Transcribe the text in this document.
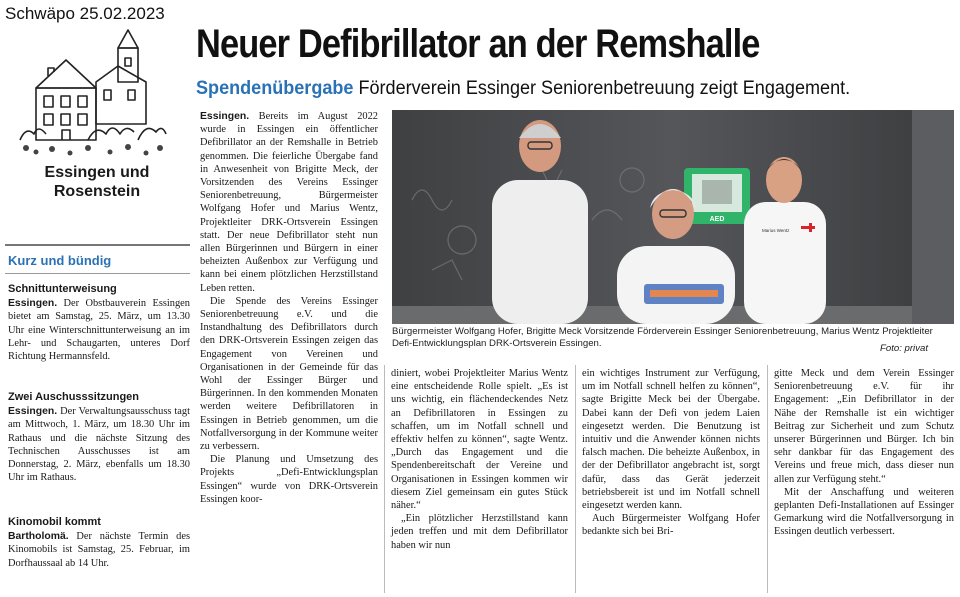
Schwäpo 25.02.2023
Neuer Defibrillator an der Remshalle
Spendenübergabe Förderverein Essinger Seniorenbetreuung zeigt Engagement.
Essingen und
Rosenstein
Kurz und bündig
Schnittunterweisung

Essingen. Der Obstbauverein Essingen bietet am Samstag, 25. März, um 13.30 Uhr eine Winterschnittunterweisung an im Lehr- und Schaugarten, unteres Dorf Richtung Hermannsfeld.

Zwei Auschusssitzungen

Essingen. Der Verwaltungsausschuss tagt am Mittwoch, 1. März, um 18.30 Uhr im Rathaus und die nächste Sitzung des Technischen Ausschusses ist am Donnerstag, 2. März, ebenfalls um 18.30 Uhr im Rathaus.

Kinomobil kommt

Bartholomä. Der nächste Termin des Kinomobils ist Samstag, 25. Februar, im Dorfhaussaal ab 14 Uhr.

Essingen. Bereits im August 2022 wurde in Essingen ein öffentlicher Defibrillator an der Remshalle in Betrieb genommen. Die feierliche Übergabe fand in Anwesenheit von Brigitte Meck, der Vorsitzenden des Vereins Essinger Seniorenbetreuung, Bürgermeister Wolfgang Hofer und Marius Wentz, Projektleiter DRK-Ortsverein Essingen statt. Der neue Defibrillator steht nun allen Bürgerinnen und Bürgern in einer beheizten Außenbox zur Verfügung und kann bei einem plötzlichen Herzstillstand Leben retten.

Die Spende des Vereins Essinger Seniorenbetreuung e.V. und die Instandhaltung des Defibrillators durch den DRK-Ortsverein Essingen zeigen das Engagement von Vereinen und Organisationen in der Gemeinde für das Wohl der Essinger Bürger und Bürgerinnen. In den kommenden Monaten werden weitere Defibrillatoren in Essingen in Betrieb genommen, um die Notfallversorgung in der Kommune weiter zu verbessern.

Die Planung und Umsetzung des Projekts „Defi-Entwicklungsplan Essingen“ wurde von DRK-Ortsverein Essingen koor-

AED
Marius Wentz
Bürgermeister Wolfgang Hofer, Brigitte Meck Vorsitzende Förderverein Essinger Seniorenbetreuung, Marius Wentz Projektleiter Defi-Entwicklungsplan DRK-Ortsverein Essingen.	Foto: privat

diniert, wobei Projektleiter Marius Wentz eine entscheidende Rolle spielt. „Es ist uns wichtig, ein flächendeckendes Netz an Defibrillatoren in Essingen zu schaffen, um im Notfall schnell und effektiv helfen zu können“, sagte Wentz. „Durch das Engagement und die Spendenbereitschaft der Vereine und Organisationen in Essingen kommen wir diesem Ziel gemeinsam ein gutes Stück näher.“

„Ein plötzlicher Herzstillstand kann jeden treffen und mit dem Defibrillator haben wir nun

ein wichtiges Instrument zur Verfügung, um im Notfall schnell helfen zu können“, sagte Brigitte Meck bei der Übergabe. Dabei kann der Defi von jedem Laien eingesetzt werden. Die Benutzung ist intuitiv und die Anwender können nichts falsch machen. Die beheizte Außenbox, in der der Defibrillator angebracht ist, sorgt dafür, dass das Gerät jederzeit betriebsbereit ist und im Notfall schnell eingesetzt werden kann.

Auch Bürgermeister Wolfgang Hofer bedankte sich bei Bri-

gitte Meck und dem Verein Essinger Seniorenbetreuung e.V. für ihr Engagement: „Ein Defibrillator in der Nähe der Remshalle ist ein wichtiger Beitrag zur Sicherheit und zum Schutz unserer Bürgerinnen und Bürger. Ich bin sehr dankbar für das Engagement des Vereins und freue mich, dass dieser nun allen zur Verfügung steht.“

Mit der Anschaffung und weiteren geplanten Defi-Installationen auf Essinger Gemarkung wird die Notfallversorgung in Essingen deutlich verbessert.
